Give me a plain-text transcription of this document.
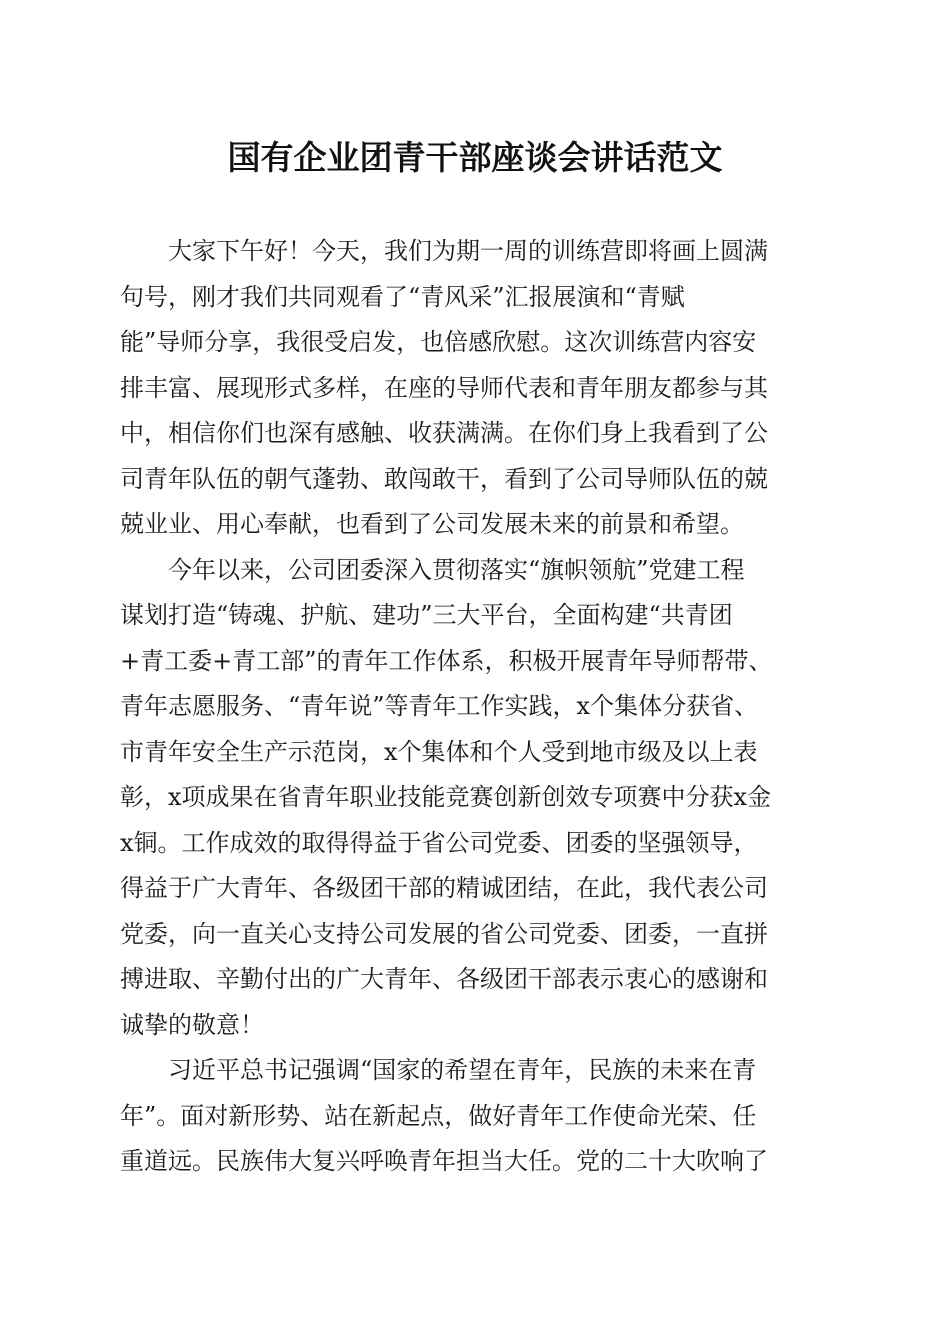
国有企业团青干部座谈会讲话范文

大家下午好！今天，我们为期一周的训练营即将画上圆满
句号，刚才我们共同观看了“青风采”汇报展演和“青赋
能”导师分享，我很受启发，也倍感欣慰。这次训练营内容安
排丰富、展现形式多样，在座的导师代表和青年朋友都参与其
中，相信你们也深有感触、收获满满。在你们身上我看到了公
司青年队伍的朝气蓬勃、敢闯敢干，看到了公司导师队伍的兢
兢业业、用心奉献，也看到了公司发展未来的前景和希望。

今年以来，公司团委深入贯彻落实“旗帜领航”党建工程
谋划打造“铸魂、护航、建功”三大平台，全面构建“共青团
+青工委+青工部”的青年工作体系，积极开展青年导师帮带、
青年志愿服务、“青年说”等青年工作实践，x个集体分获省、
市青年安全生产示范岗，x个集体和个人受到地市级及以上表
彰，x项成果在省青年职业技能竞赛创新创效专项赛中分获x金
x铜。工作成效的取得得益于省公司党委、团委的坚强领导，
得益于广大青年、各级团干部的精诚团结，在此，我代表公司
党委，向一直关心支持公司发展的省公司党委、团委，一直拼
搏进取、辛勤付出的广大青年、各级团干部表示衷心的感谢和
诚挚的敬意！

习近平总书记强调“国家的希望在青年，民族的未来在青
年”。面对新形势、站在新起点，做好青年工作使命光荣、任
重道远。民族伟大复兴呼唤青年担当大任。党的二十大吹响了
